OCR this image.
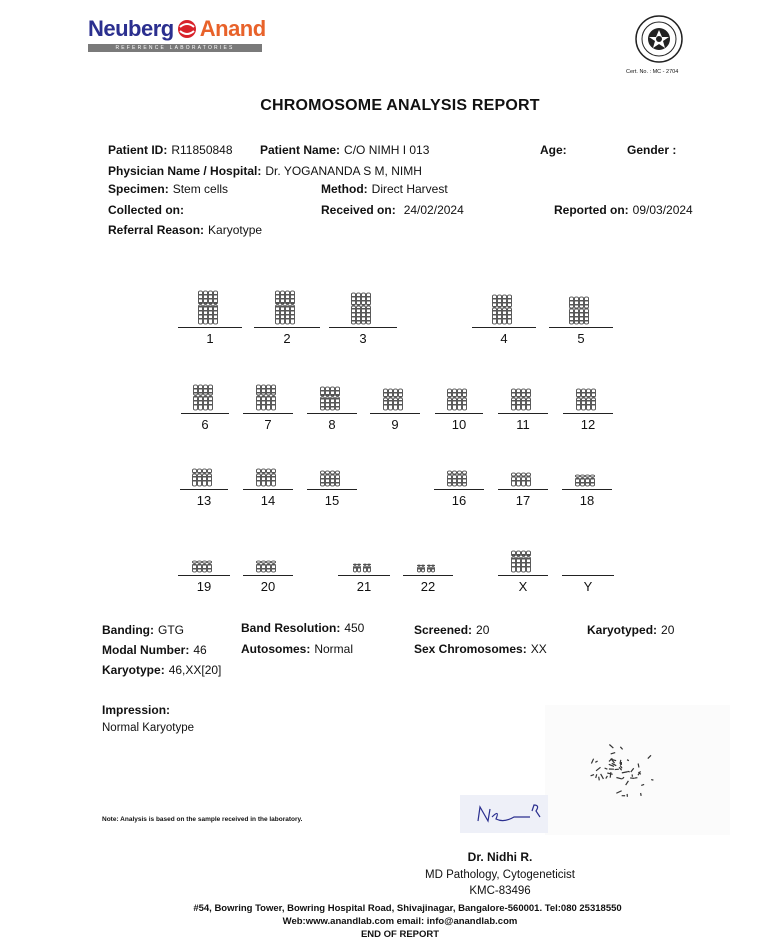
Neuberg Anand
REFERENCE LABORATORIES
Cert. No. : MC - 2704
CHROMOSOME ANALYSIS REPORT
Patient ID: R11850848 Patient Name: C/O NIMH I 013	Age:	Gender :
Physician Name / Hospital: Dr. YOGANANDA S M, NIMH
Specimen: Stem cells	Method: Direct Harvest
Collected on:	Received on: 24/02/2024	Reported on: 09/03/2024
Referral Reason: Karyotype
1	2	3	4	5
6	7	8	9	10	11	12
13	14	15	16	17	18
19	20	21	22	X	Y
Banding: GTG	Band Resolution: 450	Screened: 20	Karyotyped: 20
Modal Number: 46	Autosomes: Normal	Sex Chromosomes: XX
Karyotype: 46,XX[20]
Impression:
Normal Karyotype
Note: Analysis is based on the sample received in the laboratory.
Dr. Nidhi R.
MD Pathology, Cytogeneticist
KMC-83496
#54, Bowring Tower, Bowring Hospital Road, Shivajinagar, Bangalore-560001. Tel:080 25318550
Web:www.anandlab.com email: info@anandlab.com
END OF REPORT
